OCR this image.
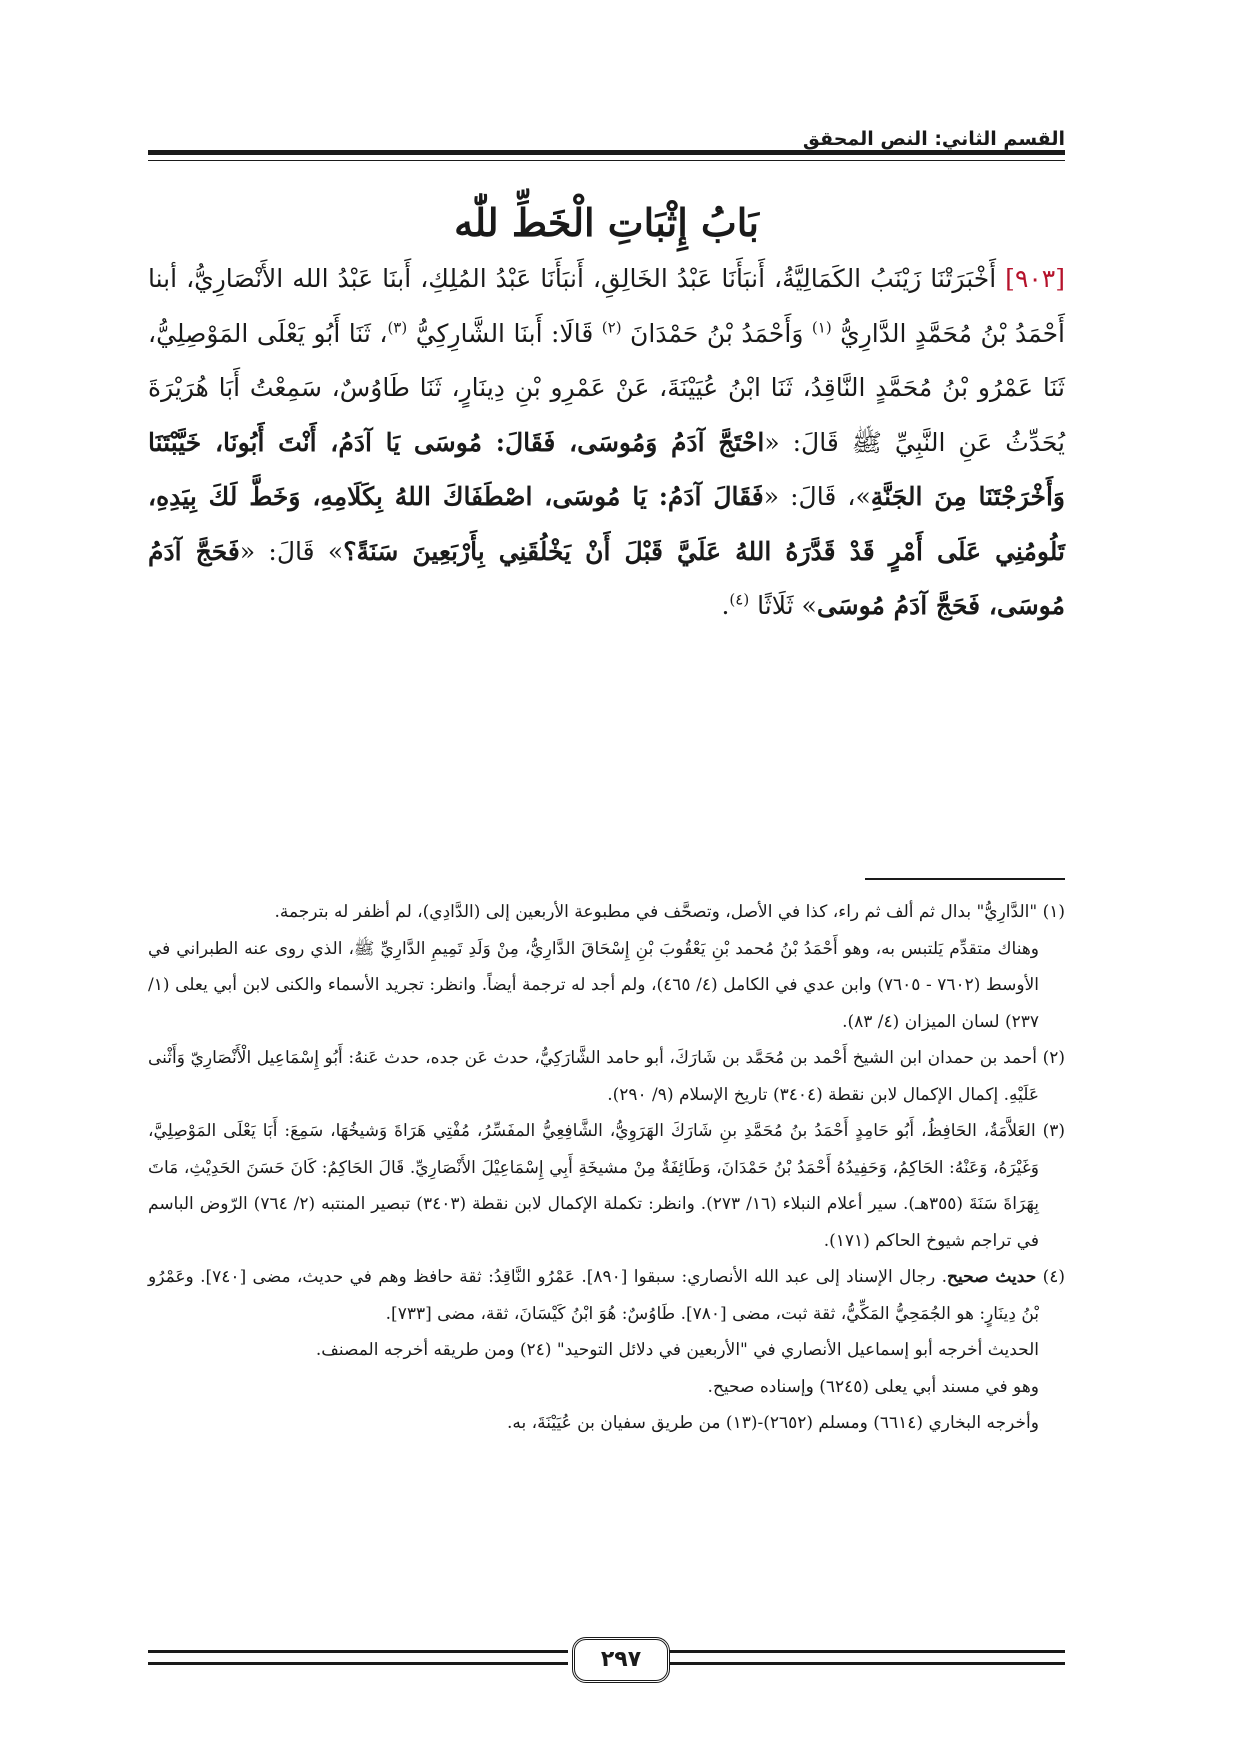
القسم الثاني: النص المحقق
بَابُ إِثْبَاتِ الْخَطِّ للّٰه
[٩٠٣] أَخْبَرَتْنَا زَيْنَبُ الكَمَالِيَّةُ، أَنبَأَنَا عَبْدُ الخَالِقِ، أَنبَأَنَا عَبْدُ المُلِكِ، أَبنَا عَبْدُ الله الأَنْصَارِيُّ، أبنا أَحْمَدُ بْنُ مُحَمَّدٍ الدَّارِيُّ $^{(١)}$ وَأَحْمَدُ بْنُ حَمْدَانَ $^{(٢)}$ قَالَا: أَبنَا الشَّارِكِيُّ $^{(٣)}$، ثَنَا أَبُو يَعْلَى المَوْصِلِيُّ، ثَنَا عَمْرُو بْنُ مُحَمَّدٍ النَّاقِدُ، ثَنَا ابْنُ عُيَيْنَةَ، عَنْ عَمْرِو بْنِ دِينَارٍ، ثَنَا طَاوُسٌ، سَمِعْتُ أَبَا هُرَيْرَةَ يُحَدِّثُ عَنِ النَّبِيِّ ﷺ قَالَ: «احْتَجَّ آدَمُ وَمُوسَى، فَقَالَ: مُوسَى يَا آدَمُ، أَنْتَ أَبُونَا، خَيَّبْتَنَا وَأَخْرَجْتَنَا مِنَ الجَنَّةِ»، قَالَ: «فَقَالَ آدَمُ: يَا مُوسَى، اصْطَفَاكَ اللهُ بِكَلَامِهِ، وَخَطَّ لَكَ بِيَدِهِ، تَلُومُنِي عَلَى أَمْرٍ قَدْ قَدَّرَهُ اللهُ عَلَيَّ قَبْلَ أَنْ يَخْلُقَنِي بِأَرْبَعِينَ سَنَةً؟» قَالَ: «فَحَجَّ آدَمُ مُوسَى، فَحَجَّ آدَمُ مُوسَى» ثَلَاثًا $^{(٤)}$.

(١) "الدَّارِيُّ" بدال ثم ألف ثم راء، كذا في الأصل، وتصحَّف في مطبوعة الأربعين إلى (الدَّادِي)، لم أظفر له بترجمة.

وهناك متقدِّم يَلتبس به، وهو أَحْمَدُ بْنُ مُحمد بْنِ يَعْقُوبَ بْنِ إِسْحَاقَ الدَّارِيُّ، مِنْ وَلَدِ تَمِيمِ الدَّارِيِّ ﷺ، الذي روى عنه الطبراني في الأوسط (٧٦٠٢ - ٧٦٠٥) وابن عدي في الكامل (٤/ ٤٦٥)، ولم أجد له ترجمة أيضاً. وانظر: تجريد الأسماء والكنى لابن أبي يعلى (١/ ٢٣٧) لسان الميزان (٤/ ٨٣).

(٢) أحمد بن حمدان ابن الشيخ أَحْمد بن مُحَمَّد بن شَارَكَ، أبو حامد الشَّارَكِيُّ، حدث عَن جده، حدث عَنهُ: أَبُو إِسْمَاعِيل الْأَنْصَارِيّ وَأَثْنى عَلَيْهِ. إكمال الإكمال لابن نقطة (٣٤٠٤) تاريخ الإسلام (٩/ ٢٩٠).

(٣) العَلاَّمَةُ، الحَافِظُ، أَبُو حَامِدٍ أَحْمَدُ بنُ مُحَمَّدِ بنِ شَارَكَ الهَرَوِيُّ، الشَّافِعِيُّ المفَسِّرُ، مُفْتِي هَرَاةَ وَشيخُهَا، سَمِعَ: أَبَا يَعْلَى المَوْصِلِيَّ، وَغَيْرَهُ، وَعَنْهُ: الحَاكِمُ، وَحَفِيدُهُ أَحْمَدُ بْنُ حَمْدَانَ، وَطَائِفَةٌ مِنْ مشيخَةِ أَبِي إِسْمَاعِيْلَ الأَنْصَارِيِّ. قَالَ الحَاكِمُ: كَانَ حَسَنَ الحَدِيْثِ، مَاتَ بِهَرَاةَ سَنَةَ (٣٥٥هـ). سير أعلام النبلاء (١٦/ ٢٧٣). وانظر: تكملة الإكمال لابن نقطة (٣٤٠٣) تبصير المنتبه (٢/ ٧٦٤) الرّوض الباسم في تراجم شيوخ الحاكم (١٧١).

(٤) حديث صحيح. رجال الإسناد إلى عبد الله الأنصاري: سبقوا [٨٩٠]. عَمْرُو النَّاقِدُ: ثقة حافظ وهم في حديث، مضى [٧٤٠]. وعَمْرُو بْنُ دِينَارٍ: هو الجُمَحِيُّ المَكِّيُّ، ثقة ثبت، مضى [٧٨٠]. طَاوُسٌ: هُوَ ابْنُ كَيْسَانَ، ثقة، مضى [٧٣٣].

الحديث أخرجه أبو إسماعيل الأنصاري في "الأربعين في دلائل التوحيد" (٢٤) ومن طريقه أخرجه المصنف.

وهو في مسند أبي يعلى (٦٢٤٥) وإسناده صحيح.

وأخرجه البخاري (٦٦١٤) ومسلم (٢٦٥٢)-(١٣) من طريق سفيان بن عُيَيْنَةَ، به.

٢٩٧
